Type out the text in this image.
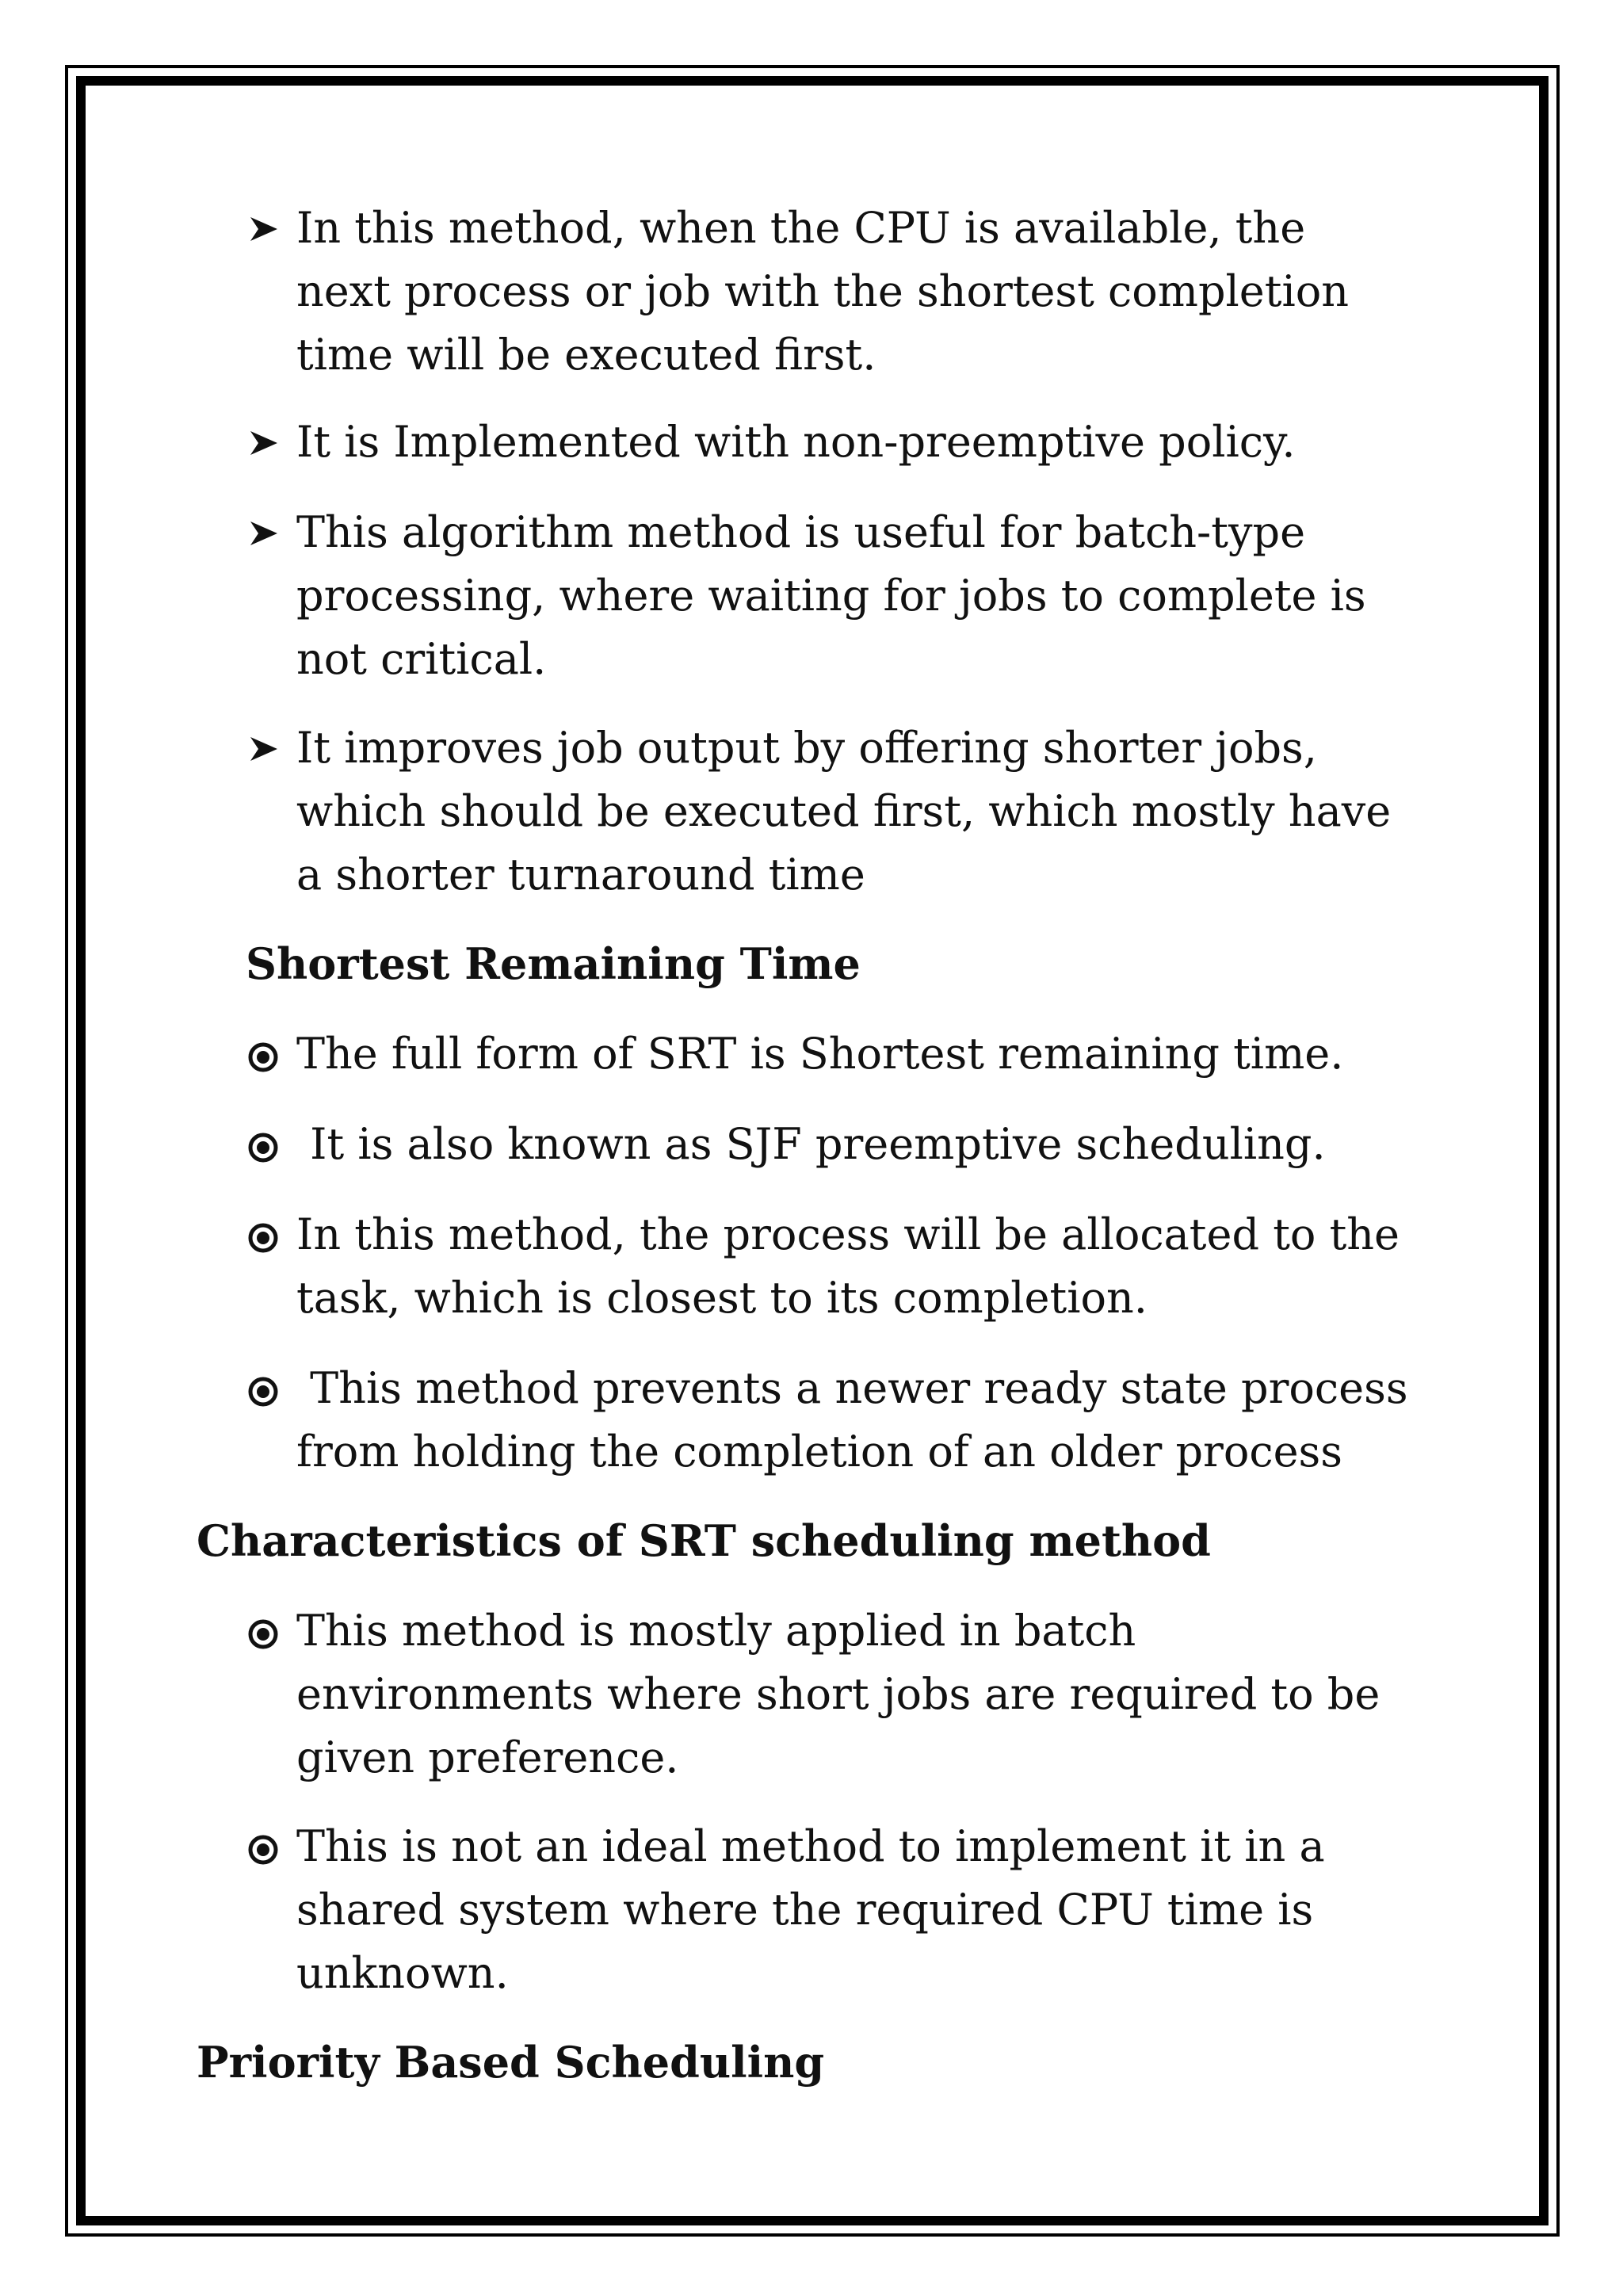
In this method, when the CPU is available, the
next process or job with the shortest completion
time will be executed first.
It is Implemented with non-preemptive policy.
This algorithm method is useful for batch-type
processing, where waiting for jobs to complete is
not critical.
It improves job output by offering shorter jobs,
which should be executed first, which mostly have
a shorter turnaround time
Shortest Remaining Time
The full form of SRT is Shortest remaining time.
It is also known as SJF preemptive scheduling.
In this method, the process will be allocated to the
task, which is closest to its completion.
This method prevents a newer ready state process
from holding the completion of an older process
Characteristics of SRT scheduling method
This method is mostly applied in batch
environments where short jobs are required to be
given preference.
This is not an ideal method to implement it in a
shared system where the required CPU time is
unknown.
Priority Based Scheduling
